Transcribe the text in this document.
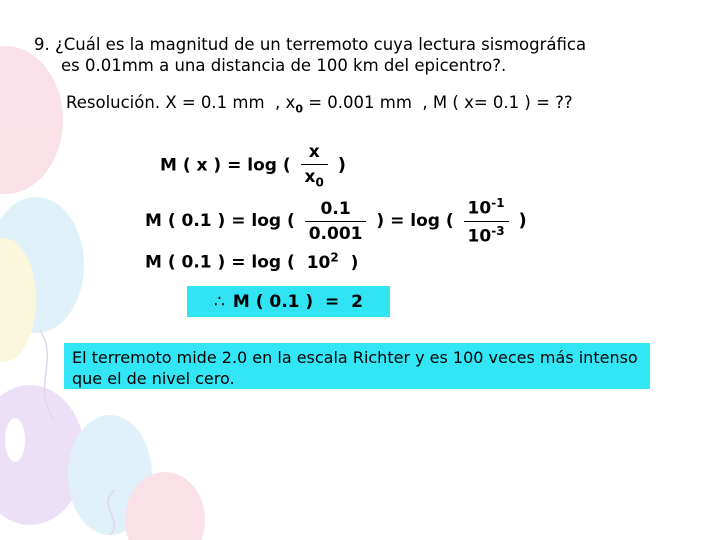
9. ¿Cuál es la magnitud de un terremoto cuya lectura sismográfica
es 0.01mm a una distancia de 100 km del epicentro?.
Resolución. X = 0.1 mm  , $x_0 = 0.001$ mm  , M ( x= 0.1 ) = ??
M ( x ) = log ( $\frac{x}{x_0}$ )
M ( 0.1 ) = log ( $\frac{0.1}{0.001}$ ) = log ( $\frac{10^{-1}}{10^{-3}}$ )
M ( 0.1 ) = log ( $10^2$ )
∴ M ( 0.1 )  =  2
El terremoto mide 2.0 en la escala Richter y es 100 veces más intenso que el de nivel cero.
